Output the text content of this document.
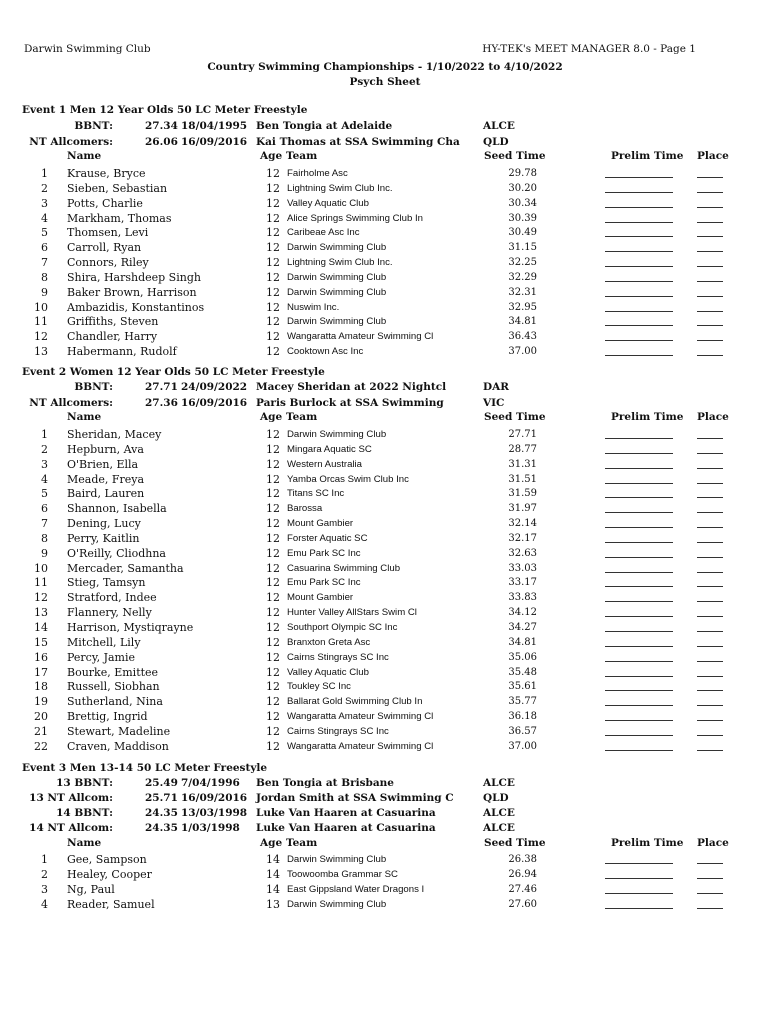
Darwin Swimming Club	HY-TEK's MEET MANAGER 8.0 - Page 1
Country Swimming Championships - 1/10/2022 to 4/10/2022
Psych Sheet
Event 1 Men 12 Year Olds 50 LC Meter Freestyle
BBNT:	27.34 18/04/1995 Ben Tongia at Adelaide	ALCE
NT Allcomers:	26.06 16/09/2016 Kai Thomas at SSA Swimming Cha QLD
Name	Age Team	Seed Time	Prelim Time Place
1 Krause, Bryce	12 Fairholme Asc	29.78
2 Sieben, Sebastian	12 Lightning Swim Club Inc.	30.20
3 Potts, Charlie	12 Valley Aquatic Club	30.34
4 Markham, Thomas	12 Alice Springs Swimming Club In	30.39
5 Thomsen, Levi	12 Caribeae Asc Inc	30.49
6 Carroll, Ryan	12 Darwin Swimming Club	31.15
7 Connors, Riley	12 Lightning Swim Club Inc.	32.25
8 Shira, Harshdeep Singh	12 Darwin Swimming Club	32.29
9 Baker Brown, Harrison	12 Darwin Swimming Club	32.31
10 Ambazidis, Konstantinos	12 Nuswim Inc.	32.95
11 Griffiths, Steven	12 Darwin Swimming Club	34.81
12 Chandler, Harry	12 Wangaratta Amateur Swimming Cl	36.43
13 Habermann, Rudolf	12 Cooktown Asc Inc	37.00
Event 2 Women 12 Year Olds 50 LC Meter Freestyle
BBNT:	27.71 24/09/2022 Macey Sheridan at 2022 Nightcl	DAR
NT Allcomers:	27.36 16/09/2016 Paris Burlock at SSA Swimming	VIC
Name	Age Team	Seed Time	Prelim Time Place
1 Sheridan, Macey	12 Darwin Swimming Club	27.71
2 Hepburn, Ava	12 Mingara Aquatic SC	28.77
3 O'Brien, Ella	12 Western Australia	31.31
4 Meade, Freya	12 Yamba Orcas Swim Club Inc	31.51
5 Baird, Lauren	12 Titans SC Inc	31.59
6 Shannon, Isabella	12 Barossa	31.97
7 Dening, Lucy	12 Mount Gambier	32.14
8 Perry, Kaitlin	12 Forster Aquatic SC	32.17
9 O'Reilly, Cliodhna	12 Emu Park SC Inc	32.63
10 Mercader, Samantha	12 Casuarina Swimming Club	33.03
11 Stieg, Tamsyn	12 Emu Park SC Inc	33.17
12 Stratford, Indee	12 Mount Gambier	33.83
13 Flannery, Nelly	12 Hunter Valley AllStars Swim Cl	34.12
14 Harrison, Mystiqrayne	12 Southport Olympic SC Inc	34.27
15 Mitchell, Lily	12 Branxton Greta Asc	34.81
16 Percy, Jamie	12 Cairns Stingrays SC Inc	35.06
17 Bourke, Emittee	12 Valley Aquatic Club	35.48
18 Russell, Siobhan	12 Toukley SC Inc	35.61
19 Sutherland, Nina	12 Ballarat Gold Swimming Club In	35.77
20 Brettig, Ingrid	12 Wangaratta Amateur Swimming Cl	36.18
21 Stewart, Madeline	12 Cairns Stingrays SC Inc	36.57
22 Craven, Maddison	12 Wangaratta Amateur Swimming Cl	37.00
Event 3 Men 13-14 50 LC Meter Freestyle
13 BBNT:	25.49 7/04/1996 Ben Tongia at Brisbane	ALCE
13 NT Allcom:	25.71 16/09/2016 Jordan Smith at SSA Swimming C	QLD
14 BBNT:	24.35 13/03/1998 Luke Van Haaren at Casuarina	ALCE
14 NT Allcom:	24.35 1/03/1998 Luke Van Haaren at Casuarina	ALCE
Name	Age Team	Seed Time	Prelim Time Place
1 Gee, Sampson	14 Darwin Swimming Club	26.38
2 Healey, Cooper	14 Toowoomba Grammar SC	26.94
3 Ng, Paul	14 East Gippsland Water Dragons I	27.46
4 Reader, Samuel	13 Darwin Swimming Club	27.60
